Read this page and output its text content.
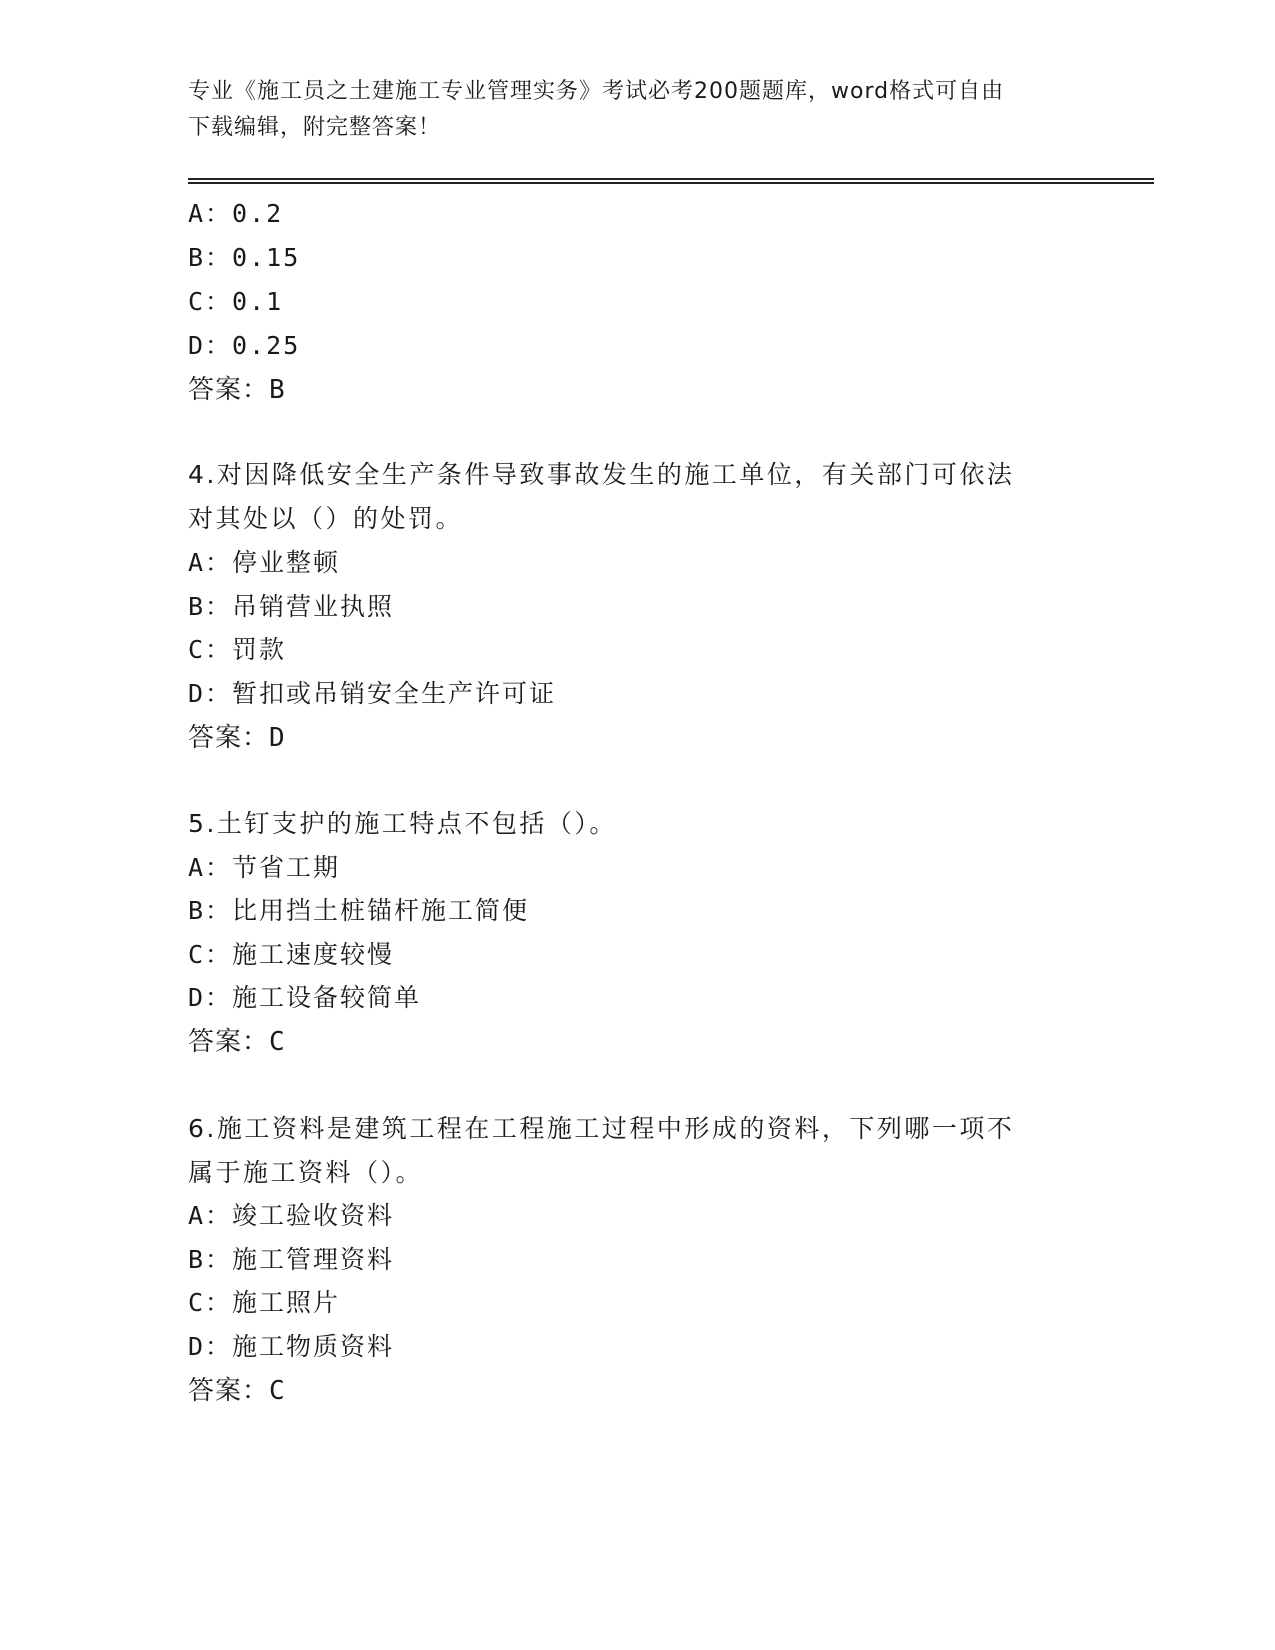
专业《施工员之土建施工专业管理实务》考试必考200题题库，word格式可自由
下载编辑，附完整答案！
A：0.2
B：0.15
C：0.1
D：0.25
答案：B
4.对因降低安全生产条件导致事故发生的施工单位，有关部门可依法
对其处以（）的处罚。
A：停业整顿
B：吊销营业执照
C：罚款
D：暂扣或吊销安全生产许可证
答案：D
5.土钉支护的施工特点不包括（）。
A：节省工期
B：比用挡土桩锚杆施工简便
C：施工速度较慢
D：施工设备较简单
答案：C
6.施工资料是建筑工程在工程施工过程中形成的资料，下列哪一项不
属于施工资料（）。
A：竣工验收资料
B：施工管理资料
C：施工照片
D：施工物质资料
答案：C
